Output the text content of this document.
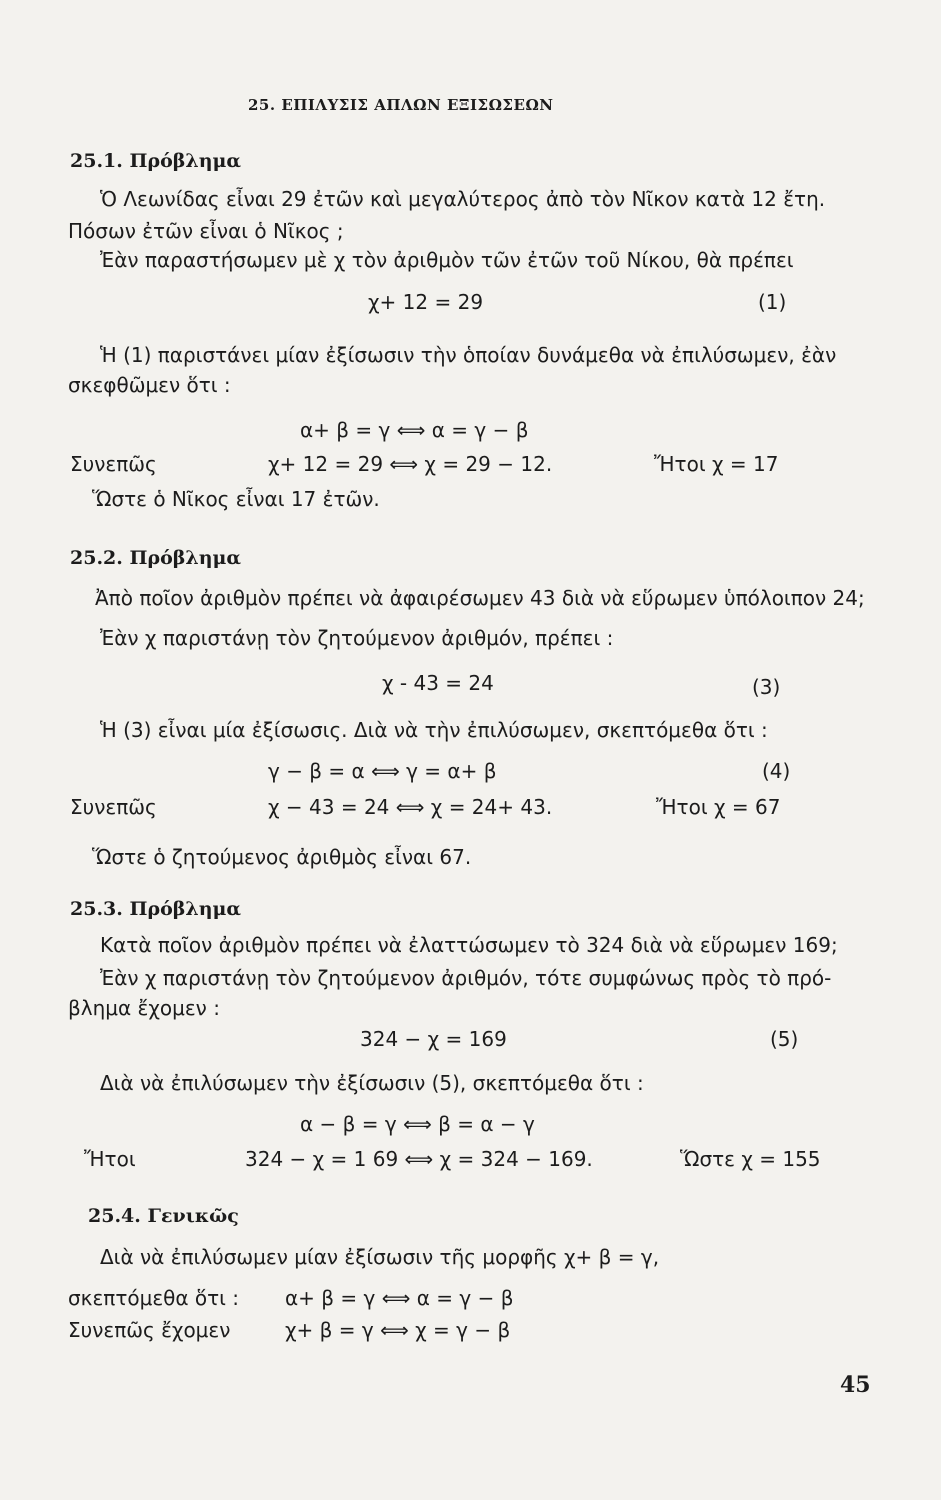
25. ΕΠΙΛΥΣΙΣ ΑΠΛΩΝ ΕΞΙΣΩΣΕΩΝ
25.1. Πρόβλημα
Ὁ Λεωνίδας εἶναι 29 ἐτῶν καὶ μεγαλύτερος ἀπὸ τὸν Νῖκον κατὰ 12 ἔτη.
Πόσων ἐτῶν εἶναι ὁ Νῖκος ;
Ἐὰν παραστήσωμεν μὲ χ τὸν ἀριθμὸν τῶν ἐτῶν τοῦ Νίκου, θὰ πρέπει
χ+ 12 = 29	(1)
Ἡ (1) παριστάνει μίαν ἐξίσωσιν τὴν ὁποίαν δυνάμεθα νὰ ἐπιλύσωμεν, ἐὰν
σκεφθῶμεν ὅτι :
α+ β = γ ⟺ α = γ − β
Συνεπῶς	χ+ 12 = 29 ⟺ χ = 29 − 12.	Ἤτοι χ = 17
Ὥστε ὁ Νῖκος εἶναι 17 ἐτῶν.
25.2. Πρόβλημα
Ἀπὸ ποῖον ἀριθμὸν πρέπει νὰ ἀφαιρέσωμεν 43 διὰ νὰ εὕρωμεν ὑπόλοιπον 24;
Ἐὰν χ παριστάνῃ τὸν ζητούμενον ἀριθμόν, πρέπει :
χ - 43 = 24	(3)
Ἡ (3) εἶναι μία ἐξίσωσις. Διὰ νὰ τὴν ἐπιλύσωμεν, σκεπτόμεθα ὅτι :
γ − β = α ⟺ γ = α+ β	(4)
Συνεπῶς	χ − 43 = 24 ⟺ χ = 24+ 43.	Ἤτοι χ = 67
Ὥστε ὁ ζητούμενος ἀριθμὸς εἶναι 67.
25.3. Πρόβλημα
Κατὰ ποῖον ἀριθμὸν πρέπει νὰ ἐλαττώσωμεν τὸ 324 διὰ νὰ εὕρωμεν 169;
Ἐὰν χ παριστάνῃ τὸν ζητούμενον ἀριθμόν, τότε συμφώνως πρὸς τὸ πρό-
βλημα ἔχομεν :
324 − χ = 169	(5)
Διὰ νὰ ἐπιλύσωμεν τὴν ἐξίσωσιν (5), σκεπτόμεθα ὅτι :
α − β = γ ⟺ β = α − γ
Ἤτοι	324 − χ = 1 69 ⟺ χ = 324 − 169.	Ὥστε χ = 155
25.4. Γενικῶς
Διὰ νὰ ἐπιλύσωμεν μίαν ἐξίσωσιν τῆς μορφῆς χ+ β = γ,
σκεπτόμεθα ὅτι : α+ β = γ ⟺ α = γ − β
Συνεπῶς ἔχομεν	χ+ β = γ ⟺ χ = γ − β
45
